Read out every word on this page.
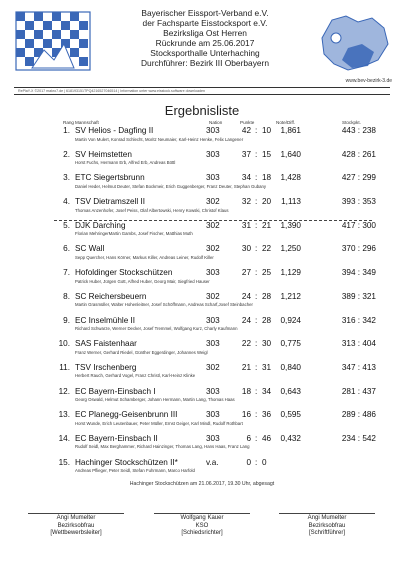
Bayerischer Eissport-Verband e.V.
der Fachsparte Eisstocksport e.V.
Bezirksliga Ost Herren
Rückrunde am 25.06.2017
Stocksporthalle Unterhaching
Durchführer: Bezirk III Oberbayern
www.bev-bezirk-3.de
RePlaY-X ©2017 makro7.de | 618193151TPQ4216527046514 | Information unter www.eisstock.software downloaden
Ergebnisliste
Rang Mannschaft	Nation	Punkte	Note/Diff.	Stockpkt.
1. SV Helios - Dagfing II	303	42 : 10	1,861	443 : 238
Martin Von Mulert, Konrad Schlecht, Moritz Neumaier, Karl-Heinz Henke, Felix Langener
2. SV Heimstetten	303	37 : 15	1,640	428 : 261
Horst Fuchs, Hermann Erb, Alfred Erb, Andreas Böttl
3. ETC Siegertsbrunn	303	34 : 18	1,428	427 : 299
Daniel Heder, Helmut Deuter, Stefan Bockmeir, Erich Guggenberger, Franz Deuter, Stephan Gubany
4. TSV Dietramszell II	302	32 : 20	1,113	393 : 353
Thomas Anzenhofer, Josef Peiss, Olaf Albertowski, Henry Kowski, Christof Klaus
5. DJK Darching	302	31 : 21	1,390	417 : 300
Florian MehringerMartin Gambs, Josef Fischer, Matthias Muth
6. SC Wall	302	30 : 22	1,250	370 : 296
Sepp Quercher, Hans Körner, Markus Killer, Andreas Leiner, Rudolf Killer
7. Hofoldinger Stockschützen	303	27 : 25	1,129	394 : 349
Patrick Huber, Jürgen Gott, Alfred Huber, Georg Mair, Siegfried Hauser
8. SC Reichersbeuern	302	24 : 28	1,212	389 : 321
Martin Grasmüller, Walter Hohenleitner, Josef Schöffmann, Andreas Scharf,Josef Steinbacher
9. EC Inselmühle II	303	24 : 28	0,924	316 : 342
Richard Schwarze, Werner Decker, Josef Tremmel, Wolfgang Kurz, Charly Kaufmann
10. SAS Faistenhaar	303	22 : 30	0,775	313 : 404
Franz Werner, Gerhard Riedel, Günther Eggerdinger, Johannes Weigl
11. TSV Irschenberg	302	21 : 31	0,840	347 : 413
Herbert Rauch, Gerhard Vogel, Franz Christl, Karl-Heinz Klinke
12. EC Bayern-Einsbach I	303	18 : 34	0,643	281 : 437
Georg Oswald, Helmut Schamberger, Johann Hermann, Martin Lang, Thomas Haas
13. EC Planegg-Geisenbrunn III	303	16 : 36	0,595	289 : 486
Horst Wunde, Erich Leutenbauer, Peter Müller, Ernst Geiger, Karl Mindl, Rudolf Rothbart
14. EC Bayern-Einsbach II	303	6 : 46	0,432	234 : 542
Rudolf Seidl, Max Berghammer, Richard Hainzinger, Thomas Lang, Hans Haas, Franz Lang
15. Hachinger Stockschützen II*	v.a.	0 : 0
Andreas Pflieger, Peter Seidl, Stefan Fuhrmann, Marco Harfold
Hachinger Stockschützen am 21.06.2017, 19.30 Uhr, abgesagt
Angi Mumelter
Bezirksobfrau
[Wettbewerbsleiter]
Wolfgang Kauer
KSO
[Schiedsrichter]
Angi Mumelter
Bezirksobfrau
[Schriftführer]
